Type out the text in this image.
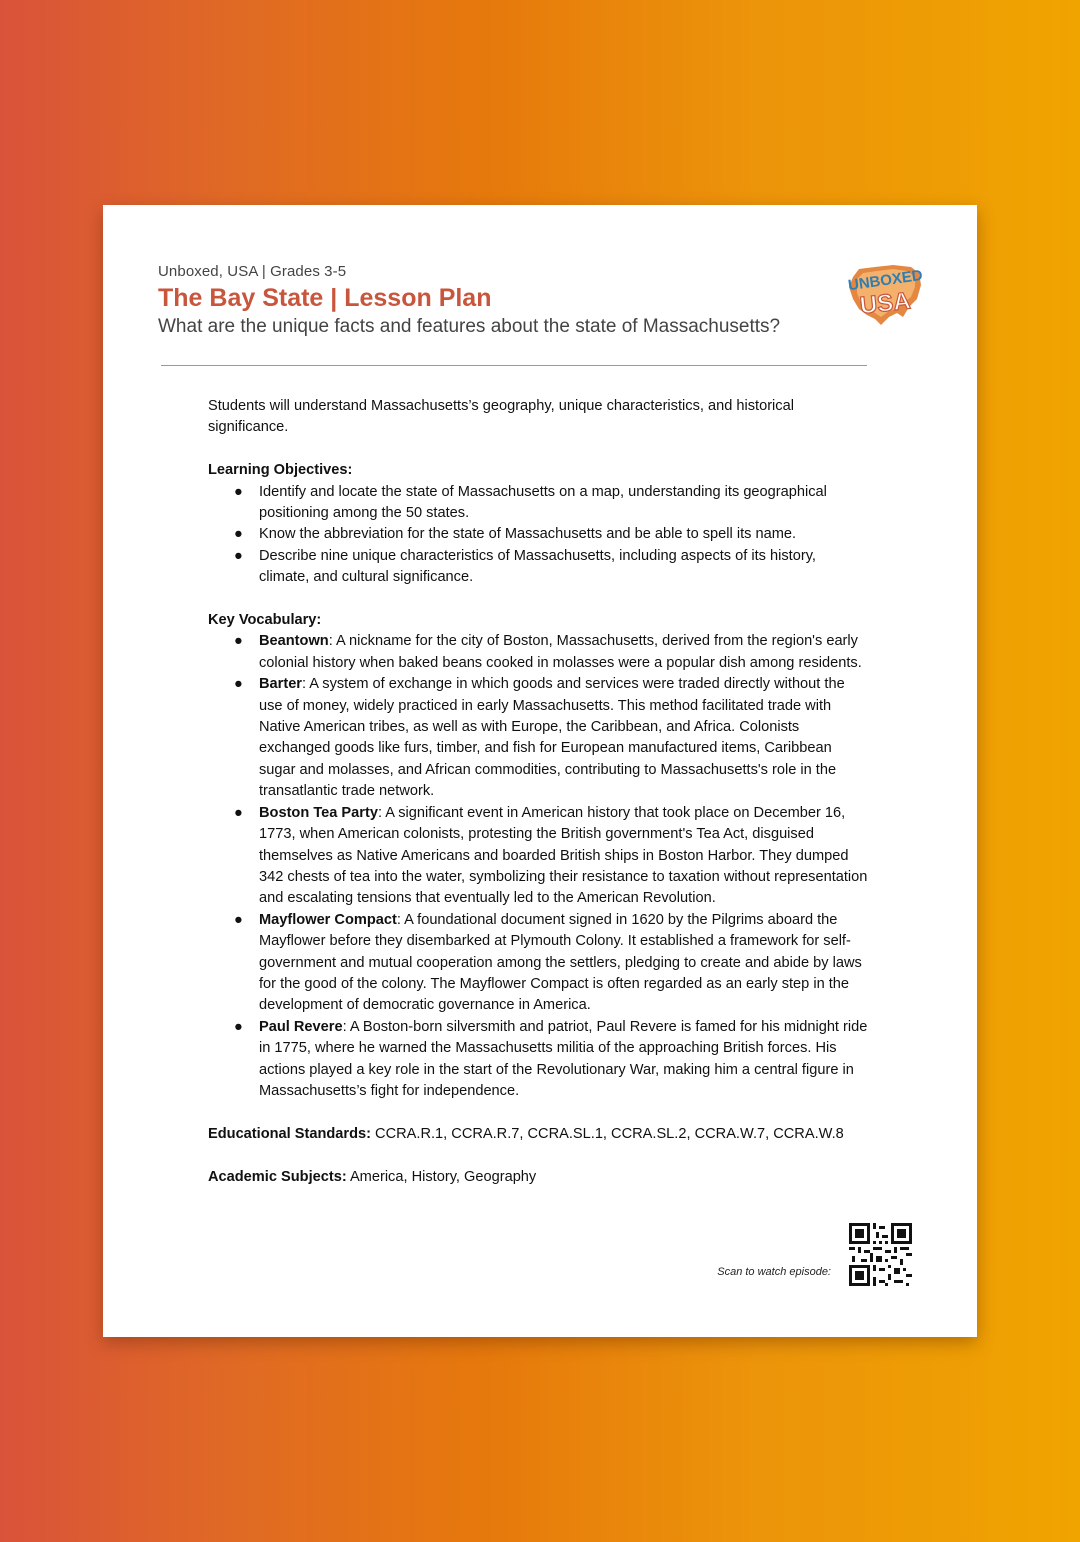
Unboxed, USA | Grades 3-5
The Bay State | Lesson Plan
What are the unique facts and features about the state of Massachusetts?
UNBOXED
USA

Students will understand Massachusetts’s geography, unique characteristics, and historical significance.

Learning Objectives:

● Identify and locate the state of Massachusetts on a map, understanding its geographical positioning among the 50 states.
● Know the abbreviation for the state of Massachusetts and be able to spell its name.
● Describe nine unique characteristics of Massachusetts, including aspects of its history, climate, and cultural significance.

Key Vocabulary:

● Beantown: A nickname for the city of Boston, Massachusetts, derived from the region's early colonial history when baked beans cooked in molasses were a popular dish among residents.
● Barter: A system of exchange in which goods and services were traded directly without the use of money, widely practiced in early Massachusetts. This method facilitated trade with Native American tribes, as well as with Europe, the Caribbean, and Africa. Colonists exchanged goods like furs, timber, and fish for European manufactured items, Caribbean sugar and molasses, and African commodities, contributing to Massachusetts's role in the transatlantic trade network.
● Boston Tea Party: A significant event in American history that took place on December 16, 1773, when American colonists, protesting the British government's Tea Act, disguised themselves as Native Americans and boarded British ships in Boston Harbor. They dumped 342 chests of tea into the water, symbolizing their resistance to taxation without representation and escalating tensions that eventually led to the American Revolution.
● Mayflower Compact: A foundational document signed in 1620 by the Pilgrims aboard the Mayflower before they disembarked at Plymouth Colony. It established a framework for self-government and mutual cooperation among the settlers, pledging to create and abide by laws for the good of the colony. The Mayflower Compact is often regarded as an early step in the development of democratic governance in America.
● Paul Revere: A Boston-born silversmith and patriot, Paul Revere is famed for his midnight ride in 1775, where he warned the Massachusetts militia of the approaching British forces. His actions played a key role in the start of the Revolutionary War, making him a central figure in Massachusetts’s fight for independence.

Educational Standards: CCRA.R.1, CCRA.R.7, CCRA.SL.1, CCRA.SL.2, CCRA.W.7, CCRA.W.8

Academic Subjects: America, History, Geography

Scan to watch episode:
